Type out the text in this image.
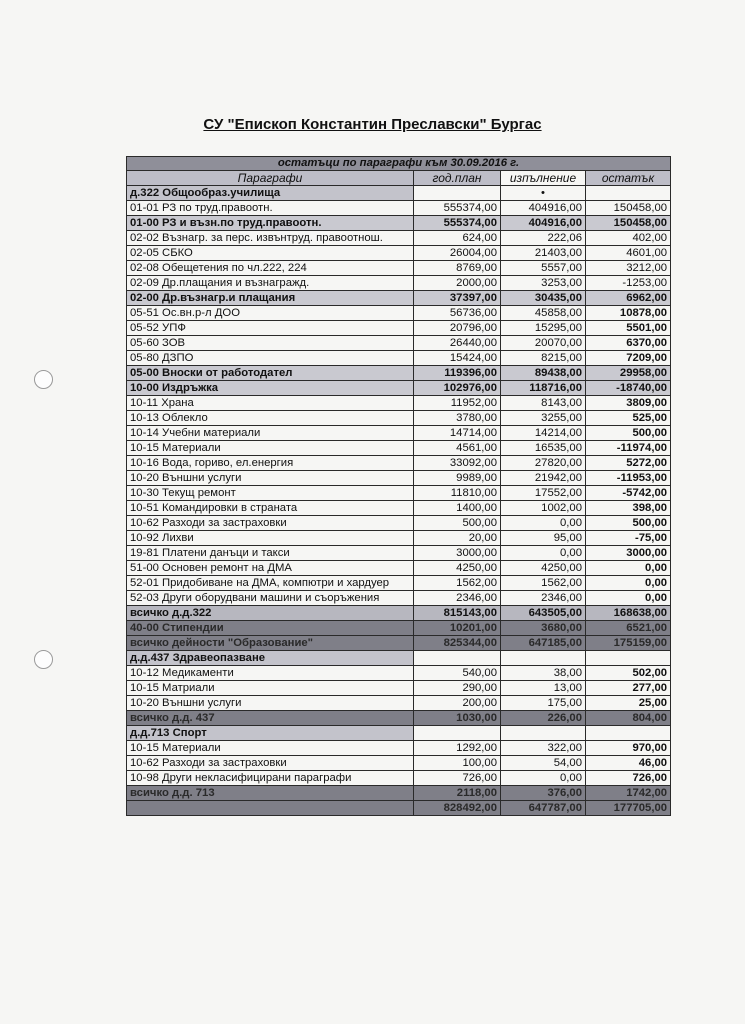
СУ "Епископ Константин Преславски" Бургас
остатъци по параграфи към 30.09.2016 г.			
Параграфи	год.план	изпълнение	остатък
д.322 Общообраз.училища		•	
01-01 РЗ по труд.правоотн.	555374,00	404916,00	150458,00
01-00 РЗ и възн.по труд.правоотн.	555374,00	404916,00	150458,00
02-02 Възнагр. за перс. извънтруд. правоотнош.	624,00	222,06	402,00
02-05 СБКО	26004,00	21403,00	4601,00
02-08 Обещетения по чл.222, 224	8769,00	5557,00	3212,00
02-09 Др.плащания и възнагражд.	2000,00	3253,00	-1253,00
02-00 Др.възнагр.и плащания	37397,00	30435,00	6962,00
05-51 Ос.вн.р-л ДОО	56736,00	45858,00	10878,00
05-52 УПФ	20796,00	15295,00	5501,00
05-60 ЗОВ	26440,00	20070,00	6370,00
05-80 ДЗПО	15424,00	8215,00	7209,00
05-00 Вноски от работодател	119396,00	89438,00	29958,00
10-00 Издръжка	102976,00	118716,00	-18740,00
10-11 Храна	11952,00	8143,00	3809,00
10-13 Облекло	3780,00	3255,00	525,00
10-14 Учебни материали	14714,00	14214,00	500,00
10-15 Материали	4561,00	16535,00	-11974,00
10-16 Вода, гориво, ел.енергия	33092,00	27820,00	5272,00
10-20 Външни услуги	9989,00	21942,00	-11953,00
10-30 Текущ ремонт	11810,00	17552,00	-5742,00
10-51 Командировки в страната	1400,00	1002,00	398,00
10-62 Разходи за застраховки	500,00	0,00	500,00
10-92 Лихви	20,00	95,00	-75,00
19-81 Платени данъци и такси	3000,00	0,00	3000,00
51-00 Основен ремонт на ДМА	4250,00	4250,00	0,00
52-01 Придобиване на ДМА, компютри и хардуер	1562,00	1562,00	0,00
52-03 Други оборудвани машини и съоръжения	2346,00	2346,00	0,00
всичко д.д.322	815143,00	643505,00	168638,00
40-00 Стипендии	10201,00	3680,00	6521,00
всичко дейности "Образование"	825344,00	647185,00	175159,00
д.д.437 Здравеопазване			
10-12 Медикаменти	540,00	38,00	502,00
10-15 Матриали	290,00	13,00	277,00
10-20 Външни услуги	200,00	175,00	25,00
всичко д.д. 437	1030,00	226,00	804,00
д.д.713 Спорт			
10-15 Материали	1292,00	322,00	970,00
10-62 Разходи за застраховки	100,00	54,00	46,00
10-98 Други некласифицирани параграфи	726,00	0,00	726,00
всичко д.д. 713	2118,00	376,00	1742,00
	828492,00	647787,00	177705,00
